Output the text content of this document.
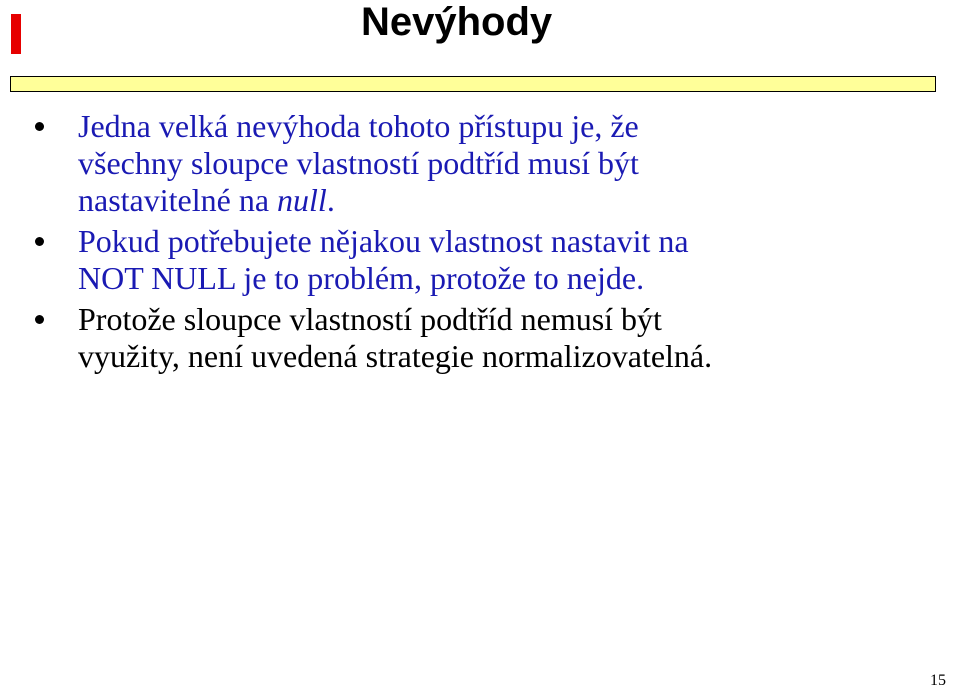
Nevýhody
Jedna velká nevýhoda tohoto přístupu je, že
všechny sloupce vlastností podtříd musí být
nastavitelné na null.
Pokud potřebujete nějakou vlastnost nastavit na
NOT NULL je to problém, protože to nejde.
Protože sloupce vlastností podtříd nemusí být
využity, není uvedená strategie normalizovatelná.
15
